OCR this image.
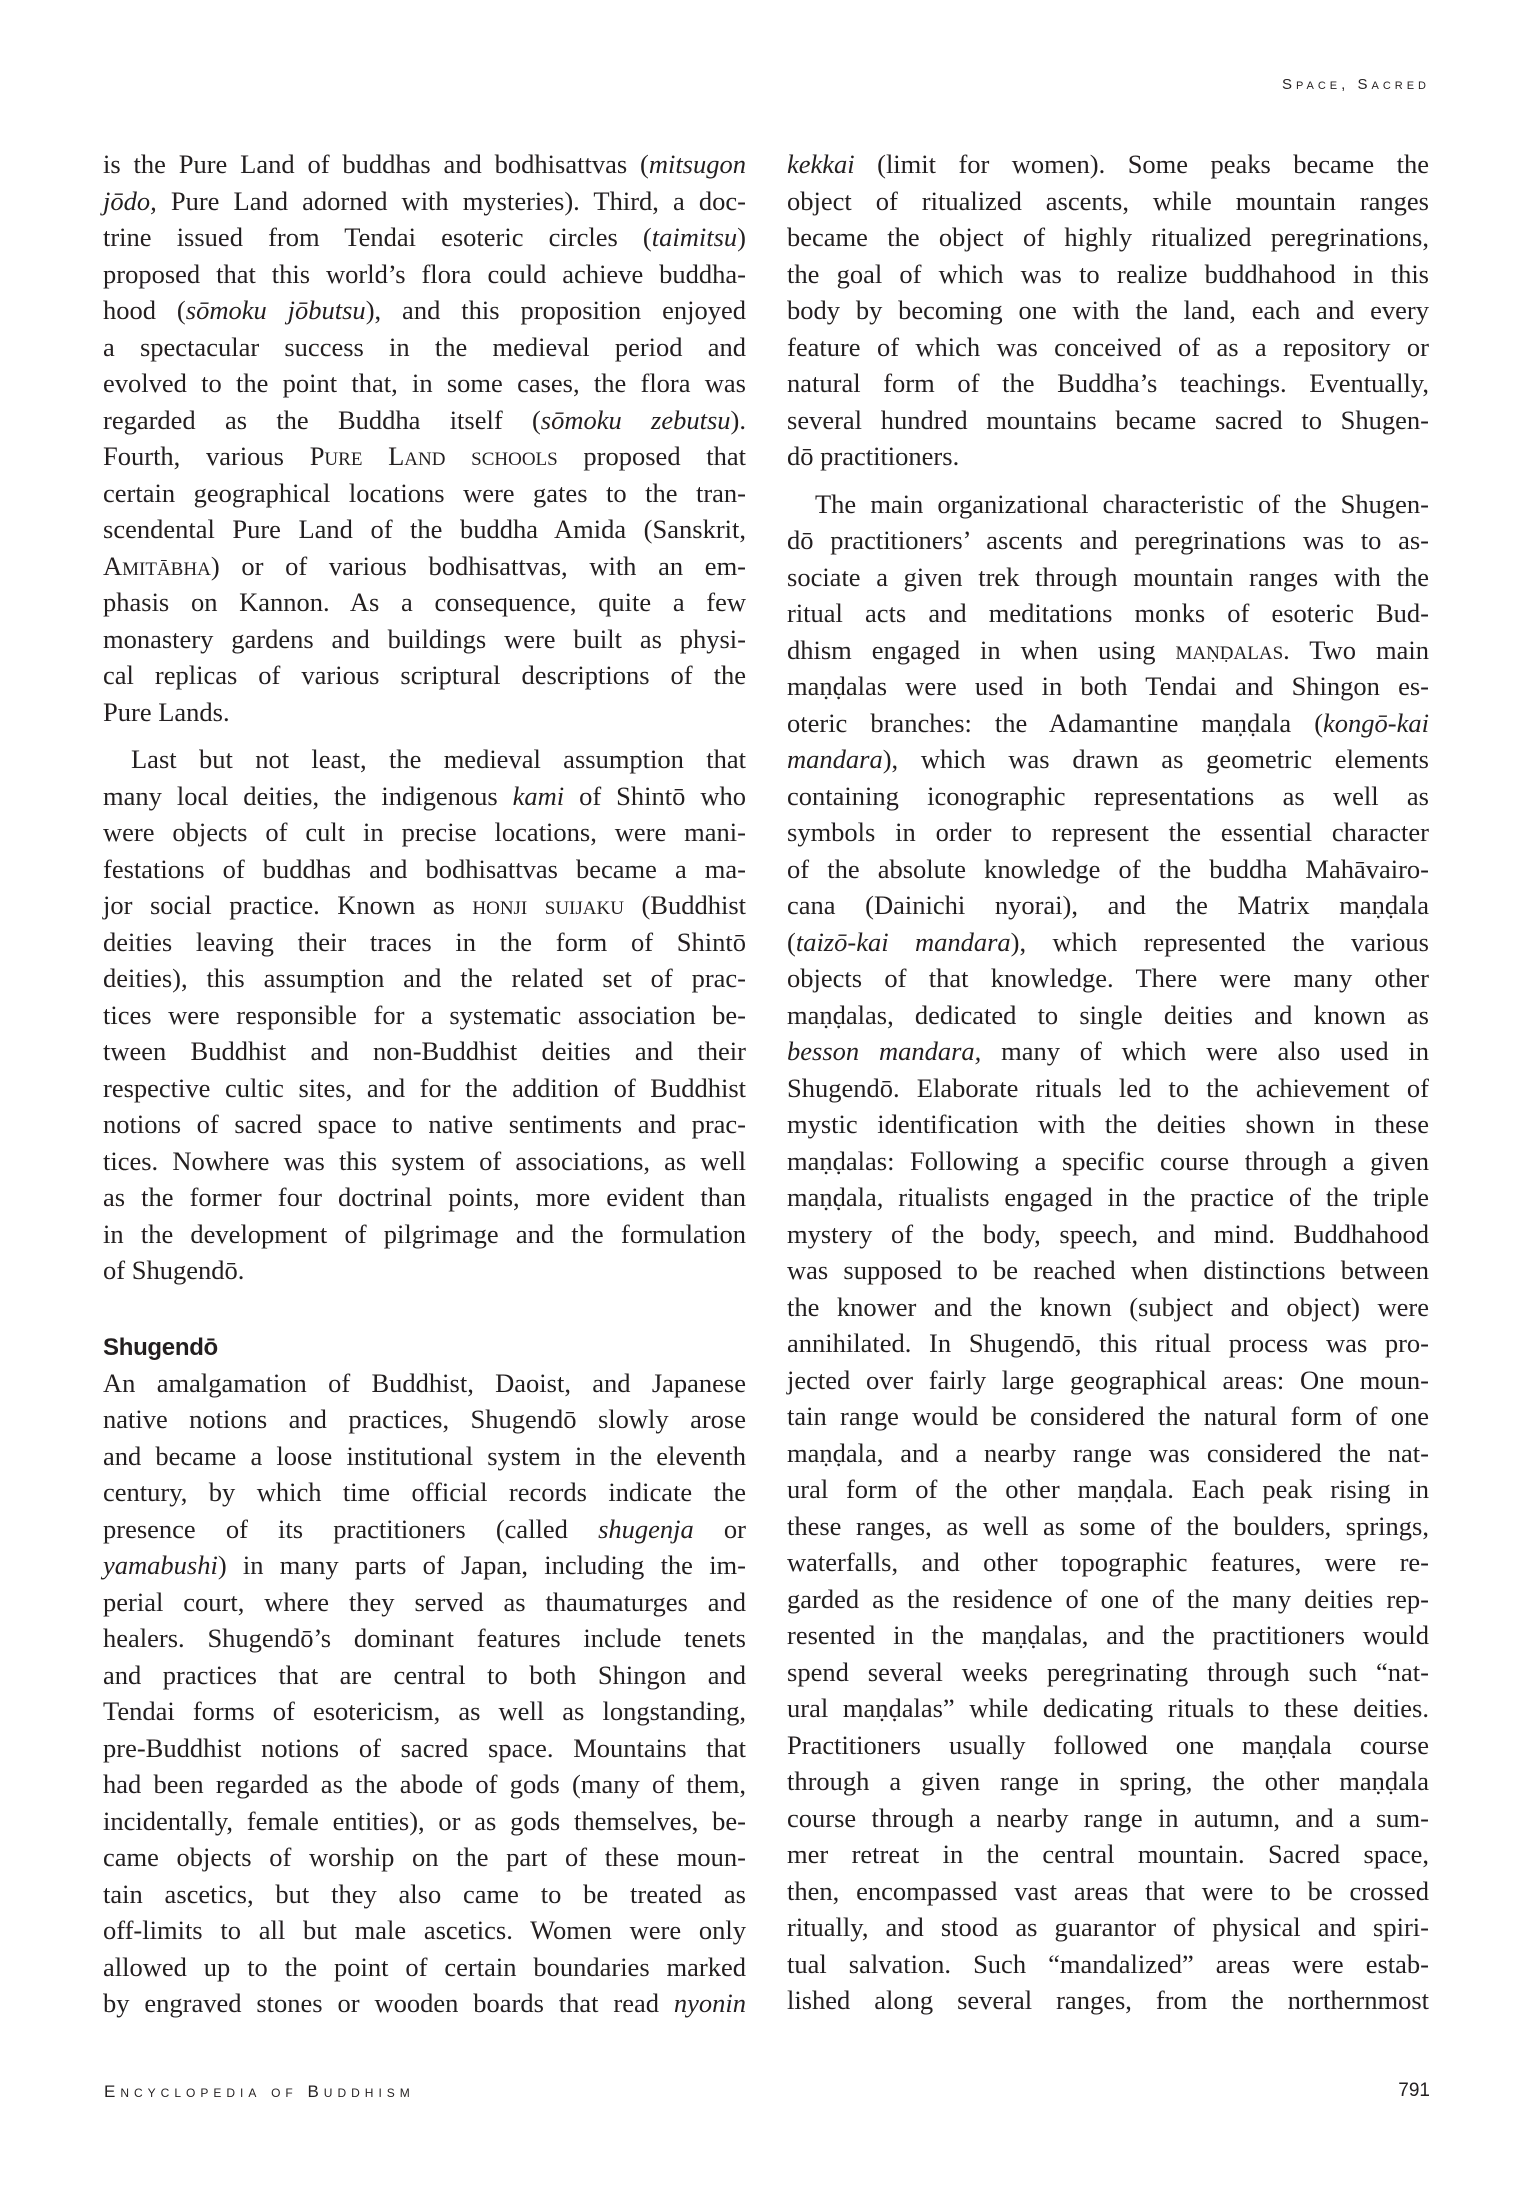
Space, Sacred
is the Pure Land of buddhas and bodhisattvas (mitsugon
jōdo, Pure Land adorned with mysteries). Third, a doc-
trine issued from Tendai esoteric circles (taimitsu)
proposed that this world’s flora could achieve buddha-
hood (sōmoku jōbutsu), and this proposition enjoyed
a spectacular success in the medieval period and
evolved to the point that, in some cases, the flora was
regarded as the Buddha itself (sōmoku zebutsu).
Fourth, various Pure Land schools proposed that
certain geographical locations were gates to the tran-
scendental Pure Land of the buddha Amida (Sanskrit,
Amitābha) or of various bodhisattvas, with an em-
phasis on Kannon. As a consequence, quite a few
monastery gardens and buildings were built as physi-
cal replicas of various scriptural descriptions of the
Pure Lands.
Last but not least, the medieval assumption that
many local deities, the indigenous kami of Shintō who
were objects of cult in precise locations, were mani-
festations of buddhas and bodhisattvas became a ma-
jor social practice. Known as honji suijaku (Buddhist
deities leaving their traces in the form of Shintō
deities), this assumption and the related set of prac-
tices were responsible for a systematic association be-
tween Buddhist and non-Buddhist deities and their
respective cultic sites, and for the addition of Buddhist
notions of sacred space to native sentiments and prac-
tices. Nowhere was this system of associations, as well
as the former four doctrinal points, more evident than
in the development of pilgrimage and the formulation
of Shugendō.
Shugendō
An amalgamation of Buddhist, Daoist, and Japanese
native notions and practices, Shugendō slowly arose
and became a loose institutional system in the eleventh
century, by which time official records indicate the
presence of its practitioners (called shugenja or
yamabushi) in many parts of Japan, including the im-
perial court, where they served as thaumaturges and
healers. Shugendō’s dominant features include tenets
and practices that are central to both Shingon and
Tendai forms of esotericism, as well as longstanding,
pre-Buddhist notions of sacred space. Mountains that
had been regarded as the abode of gods (many of them,
incidentally, female entities), or as gods themselves, be-
came objects of worship on the part of these moun-
tain ascetics, but they also came to be treated as
off-limits to all but male ascetics. Women were only
allowed up to the point of certain boundaries marked
by engraved stones or wooden boards that read nyonin
kekkai (limit for women). Some peaks became the
object of ritualized ascents, while mountain ranges
became the object of highly ritualized peregrinations,
the goal of which was to realize buddhahood in this
body by becoming one with the land, each and every
feature of which was conceived of as a repository or
natural form of the Buddha’s teachings. Eventually,
several hundred mountains became sacred to Shugen-
dō practitioners.
The main organizational characteristic of the Shugen-
dō practitioners’ ascents and peregrinations was to as-
sociate a given trek through mountain ranges with the
ritual acts and meditations monks of esoteric Bud-
dhism engaged in when using maṇḍalas. Two main
maṇḍalas were used in both Tendai and Shingon es-
oteric branches: the Adamantine maṇḍala (kongō-kai
mandara), which was drawn as geometric elements
containing iconographic representations as well as
symbols in order to represent the essential character
of the absolute knowledge of the buddha Mahāvairo-
cana (Dainichi nyorai), and the Matrix maṇḍala
(taizō-kai mandara), which represented the various
objects of that knowledge. There were many other
maṇḍalas, dedicated to single deities and known as
besson mandara, many of which were also used in
Shugendō. Elaborate rituals led to the achievement of
mystic identification with the deities shown in these
maṇḍalas: Following a specific course through a given
maṇḍala, ritualists engaged in the practice of the triple
mystery of the body, speech, and mind. Buddhahood
was supposed to be reached when distinctions between
the knower and the known (subject and object) were
annihilated. In Shugendō, this ritual process was pro-
jected over fairly large geographical areas: One moun-
tain range would be considered the natural form of one
maṇḍala, and a nearby range was considered the nat-
ural form of the other maṇḍala. Each peak rising in
these ranges, as well as some of the boulders, springs,
waterfalls, and other topographic features, were re-
garded as the residence of one of the many deities rep-
resented in the maṇḍalas, and the practitioners would
spend several weeks peregrinating through such “nat-
ural maṇḍalas” while dedicating rituals to these deities.
Practitioners usually followed one maṇḍala course
through a given range in spring, the other maṇḍala
course through a nearby range in autumn, and a sum-
mer retreat in the central mountain. Sacred space,
then, encompassed vast areas that were to be crossed
ritually, and stood as guarantor of physical and spiri-
tual salvation. Such “mandalized” areas were estab-
lished along several ranges, from the northernmost
Encyclopedia of Buddhism	791
